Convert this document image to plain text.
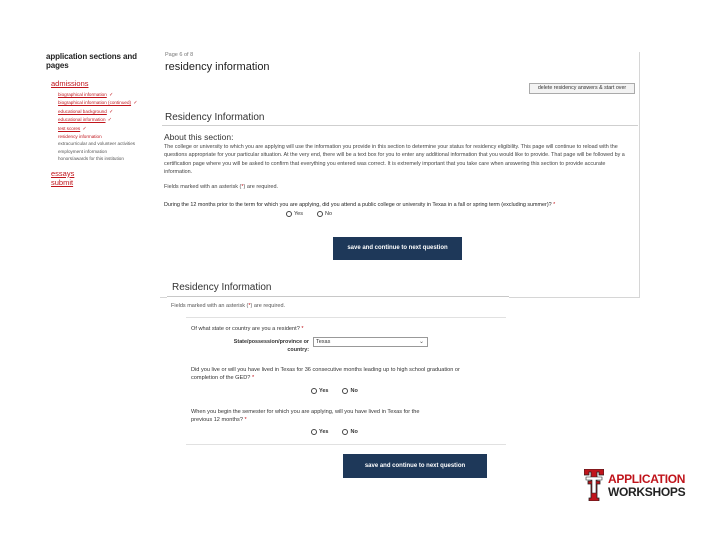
application sections and pages
admissions
biographical information ✓
biographical information (continued) ✓
educational background ✓
educational information ✓
test scores ✓
residency information
extracurricular and volunteer activities
employment information
honors/awards for this institution
essays
submit
Page 6 of 8
residency information
delete residency answers & start over
Residency Information
About this section:
The college or university to which you are applying will use the information you provide in this section to determine your status for residency eligibility. This page will continue to reload with the questions appropriate for your particular situation. At the very end, there will be a text box for you to enter any additional information that you would like to provide. That page will be followed by a certification page where you will be asked to confirm that everything you entered was correct. It is extremely important that you take care when answering this section to provide accurate information.
Fields marked with an asterisk (*) are required.
During the 12 months prior to the term for which you are applying, did you attend a public college or university in Texas in a fall or spring term (excluding summer)? *
Yes	No
save and continue to next question
Residency Information
Fields marked with an asterisk (*) are required.
Of what state or country are you a resident? *
State/possession/province or country:
Texas	⌄
Did you live or will you have lived in Texas for 36 consecutive months leading up to high school graduation or completion of the GED? *
Yes	No
When you begin the semester for which you are applying, will you have lived in Texas for the previous 12 months? *
Yes	No
save and continue to next question
APPLICATION
WORKSHOPS
